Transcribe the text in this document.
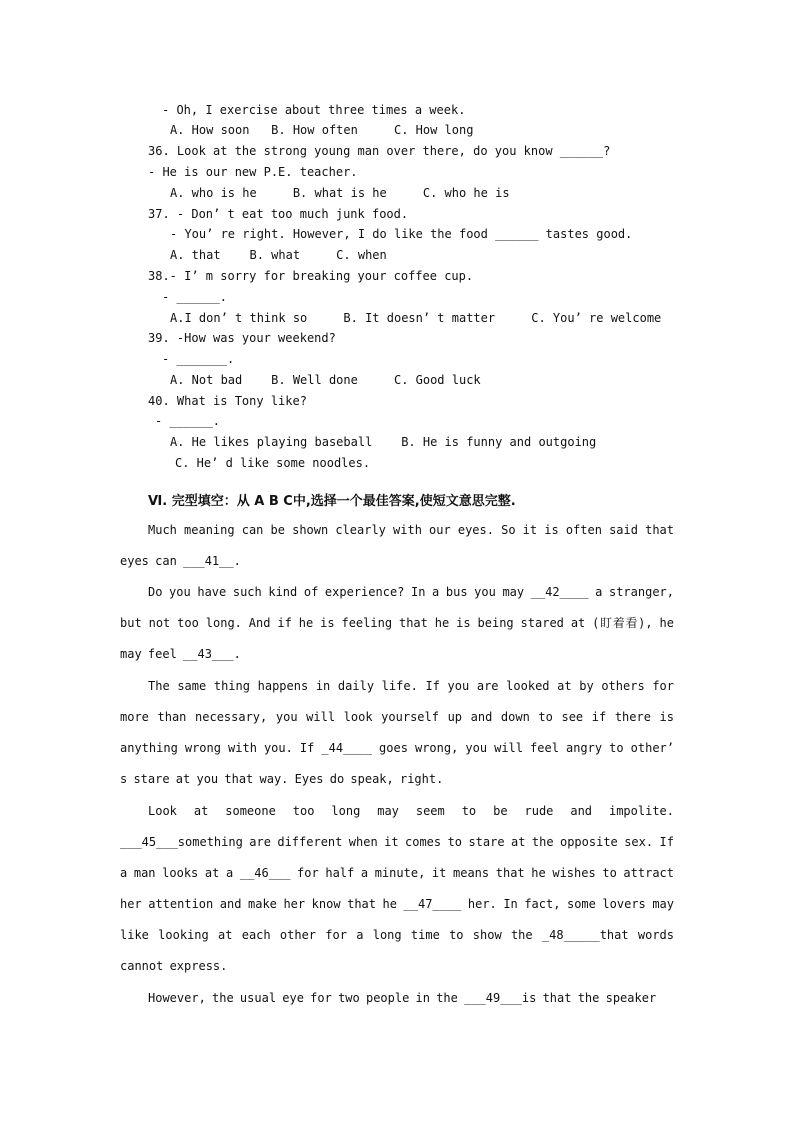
- Oh, I exercise about three times a week.
A. How soon   B. How often     C. How long
36. Look at the strong young man over there, do you know ______?
- He is our new P.E. teacher.
A. who is he     B. what is he     C. who he is
37. - Don’ t eat too much junk food.
- You’ re right. However, I do like the food ______ tastes good.
A. that    B. what     C. when
38.- I’ m sorry for breaking your coffee cup.
- ______.
A.I don’ t think so     B. It doesn’ t matter     C. You’ re welcome
39. -How was your weekend?
- _______.
A. Not bad    B. Well done     C. Good luck
40. What is Tony like?
- ______.
A. He likes playing baseball    B. He is funny and outgoing
C. He’ d like some noodles.
Ⅵ. 完型填空：从 A B C中,选择一个最佳答案,使短文意思完整.

Much meaning can be shown clearly with our eyes. So it is often said that eyes can ___41__.

Do you have such kind of experience? In a bus you may __42____ a stranger, but not too long. And if he is feeling that he is being stared at (盯着看), he may feel __43___.

The same thing happens in daily life. If you are looked at by others for more than necessary, you will look yourself up and down to see if there is anything wrong with you. If _44____ goes wrong, you will feel angry to other’ s stare at you that way. Eyes do speak, right.

Look at someone too long may seem to be rude and impolite. ___45___something are different when it comes to stare at the opposite sex. If a man looks at a __46___ for half a minute, it means that he wishes to attract her attention and make her know that he __47____ her. In fact, some lovers may like looking at each other for a long time to show the _48_____that words cannot express.

However, the usual eye for two people in the ___49___is that the speaker
